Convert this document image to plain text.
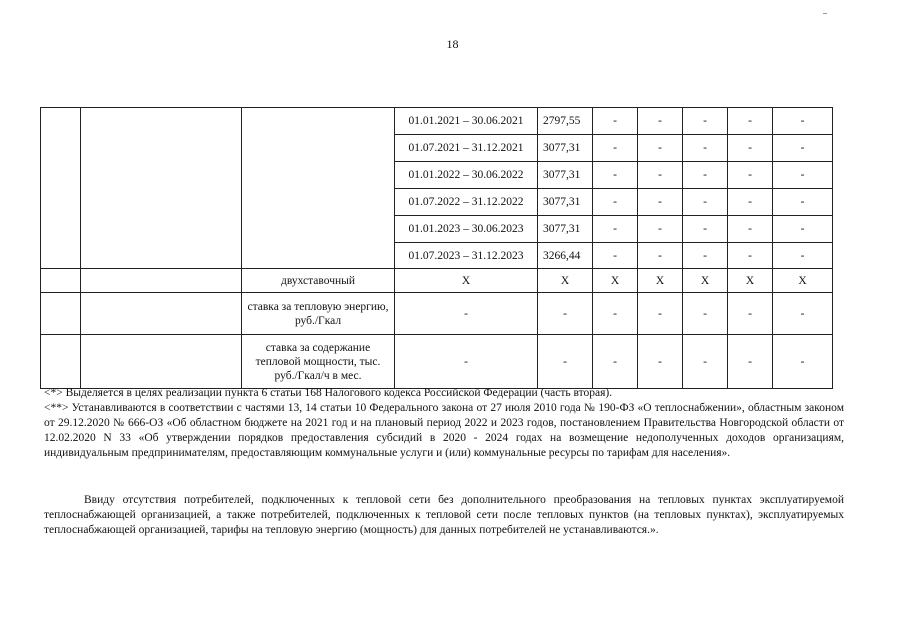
18
			01.01.2021 – 30.06.2021	2797,55	-	-	-	-	-
			01.07.2021 – 31.12.2021	3077,31	-	-	-	-	-
			01.01.2022 – 30.06.2022	3077,31	-	-	-	-	-
			01.07.2022 – 31.12.2022	3077,31	-	-	-	-	-
			01.01.2023 – 30.06.2023	3077,31	-	-	-	-	-
			01.07.2023 – 31.12.2023	3266,44	-	-	-	-	-
		двухставочный	X	X	X	X	X	X	X
		ставка за тепловую энергию, руб./Гкал	-	-	-	-	-	-	-
		ставка за содержание тепловой мощности, тыс. руб./Гкал/ч в мес.	-	-	-	-	-	-	-

<*> Выделяется в целях реализации пункта 6 статьи 168 Налогового кодекса Российской Федерации (часть вторая).

<**> Устанавливаются в соответствии с частями 13, 14 статьи 10 Федерального закона от 27 июля 2010 года № 190-ФЗ «О теплоснабжении», областным законом от 29.12.2020 № 666-ОЗ «Об областном бюджете на 2021 год и на плановый период 2022 и 2023 годов, постановлением Правительства Новгородской области от 12.02.2020 N 33 «Об утверждении порядков предоставления субсидий в 2020 - 2024 годах на возмещение недополученных доходов организациям, индивидуальным предпринимателям, предоставляющим коммунальные услуги и (или) коммунальные ресурсы по тарифам для населения».

Ввиду отсутствия потребителей, подключенных к тепловой сети без дополнительного преобразования на тепловых пунктах эксплуатируемой теплоснабжающей организацией, а также потребителей, подключенных к тепловой сети после тепловых пунктов (на тепловых пунктах), эксплуатируемых теплоснабжающей организацией, тарифы на тепловую энергию (мощность) для данных потребителей не устанавливаются.».
